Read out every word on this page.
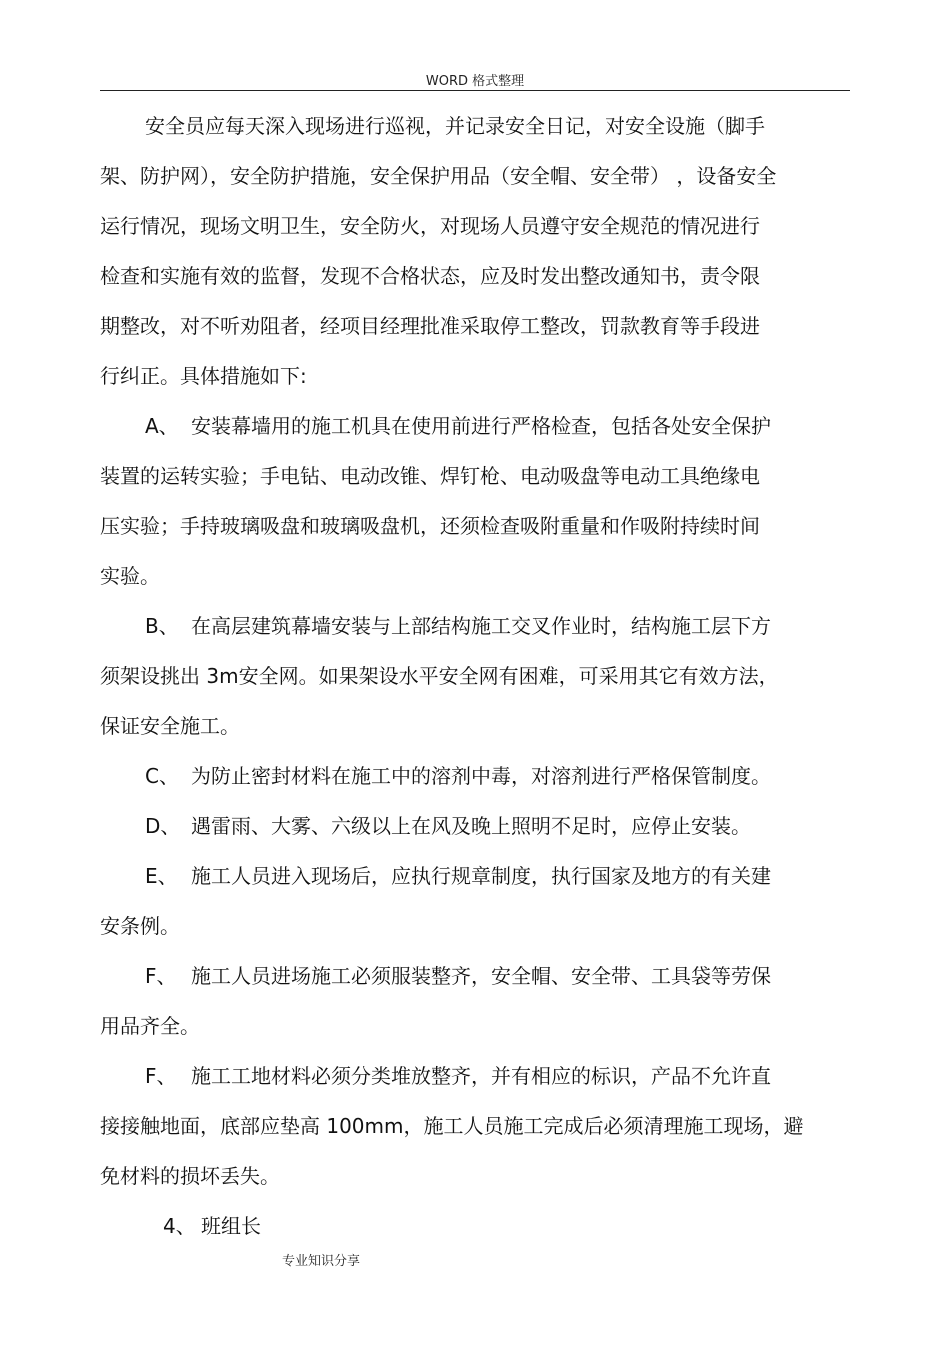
WORD 格式整理
安全员应每天深入现场进行巡视，并记录安全日记，对安全设施（脚手
架、防护网），安全防护措施，安全保护用品（安全帽、安全带） ，设备安全
运行情况，现场文明卫生，安全防火，对现场人员遵守安全规范的情况进行
检查和实施有效的监督，发现不合格状态，应及时发出整改通知书，责令限
期整改，对不听劝阻者，经项目经理批准采取停工整改，罚款教育等手段进
行纠正。具体措施如下:
A、 安装幕墙用的施工机具在使用前进行严格检查，包括各处安全保护
装置的运转实验；手电钻、电动改锥、焊钉枪、电动吸盘等电动工具绝缘电
压实验；手持玻璃吸盘和玻璃吸盘机，还须检查吸附重量和作吸附持续时间
实验。
B、 在高层建筑幕墙安装与上部结构施工交叉作业时，结构施工层下方
须架设挑出 3m安全网。如果架设水平安全网有困难，可采用其它有效方法，
保证安全施工。
C、 为防止密封材料在施工中的溶剂中毒，对溶剂进行严格保管制度。
D、 遇雷雨、大雾、六级以上在风及晚上照明不足时，应停止安装。
E、 施工人员进入现场后，应执行规章制度，执行国家及地方的有关建
安条例。
F、 施工人员进场施工必须服装整齐，安全帽、安全带、工具袋等劳保
用品齐全。
F、 施工工地材料必须分类堆放整齐，并有相应的标识，产品不允许直
接接触地面，底部应垫高 100mm，施工人员施工完成后必须清理施工现场，避
免材料的损坏丢失。
4、 班组长
专业知识分享
